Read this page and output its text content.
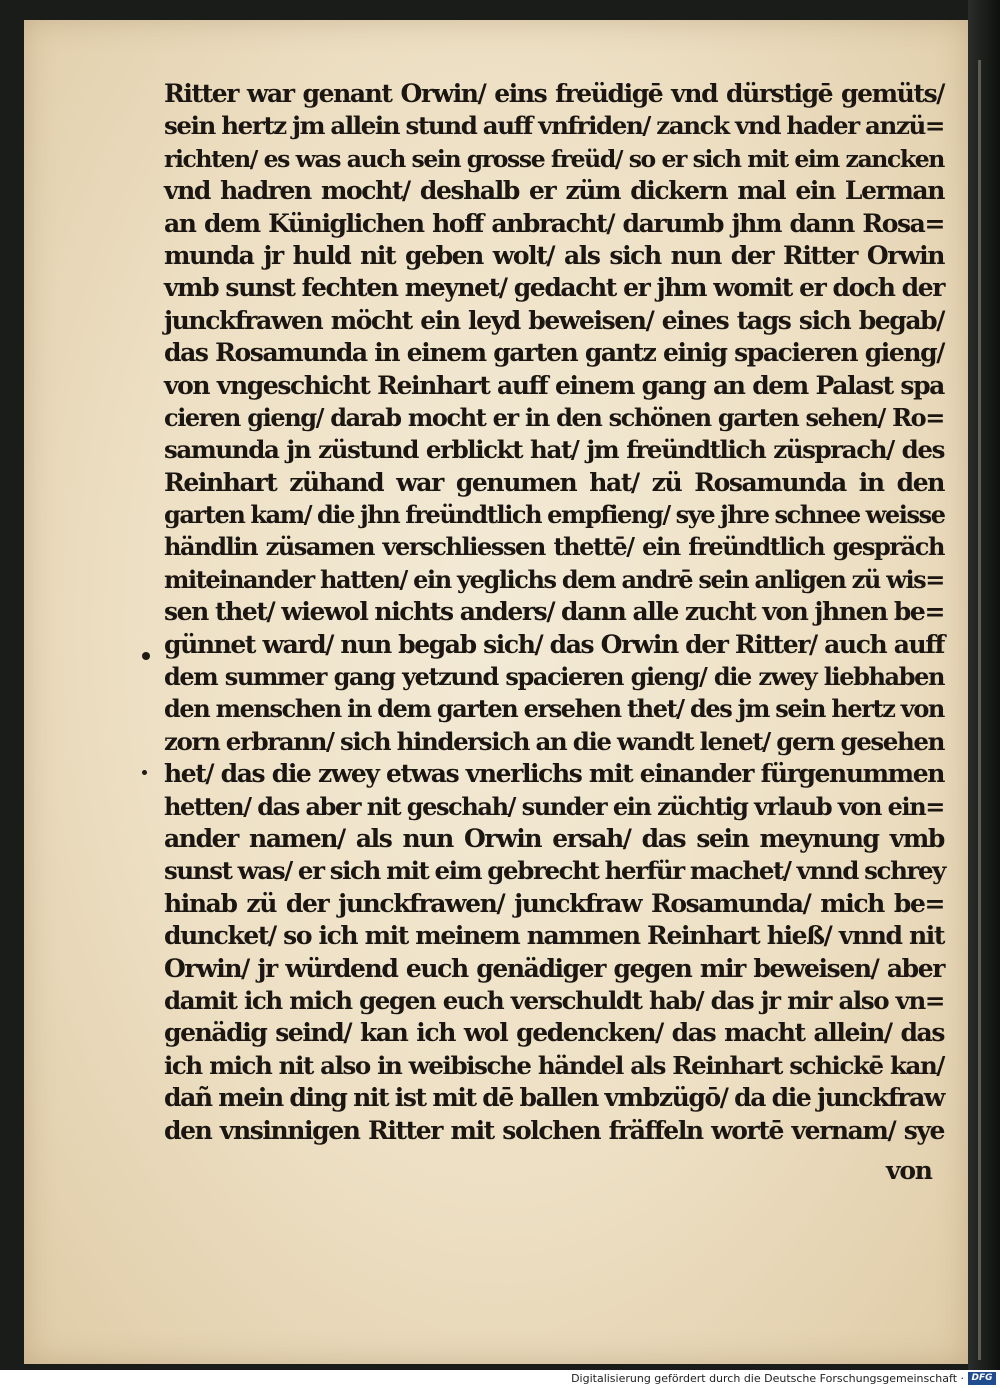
Ritter war genant Orwin/ eins freüdigē vnd dürstigē gemüts/
sein hertz jm allein stund auff vnfriden/ zanck vnd hader anzü=
richten/ es was auch sein grosse freüd/ so er sich mit eim zancken
vnd hadren mocht/ deshalb er züm dickern mal ein Lerman
an dem Küniglichen hoff anbracht/ darumb jhm dann Rosa=
munda jr huld nit geben wolt/ als sich nun der Ritter Orwin
vmb sunst fechten meynet/ gedacht er jhm womit er doch der
junckfrawen möcht ein leyd beweisen/ eines tags sich begab/
das Rosamunda in einem garten gantz einig spacieren gieng/
von vngeschicht Reinhart auff einem gang an dem Palast spa
cieren gieng/ darab mocht er in den schönen garten sehen/ Ro=
samunda jn züstund erblickt hat/ jm freündtlich züsprach/ des
Reinhart zühand war genumen hat/ zü Rosamunda in den
garten kam/ die jhn freündtlich empfieng/ sye jhre schnee weisse
händlin züsamen verschliessen thettē/ ein freündtlich gespräch
miteinander hatten/ ein yeglichs dem andrē sein anligen zü wis=
sen thet/ wiewol nichts anders/ dann alle zucht von jhnen be=
günnet ward/ nun begab sich/ das Orwin der Ritter/ auch auff
dem summer gang yetzund spacieren gieng/ die zwey liebhaben
den menschen in dem garten ersehen thet/ des jm sein hertz von
zorn erbrann/ sich hindersich an die wandt lenet/ gern gesehen
het/ das die zwey etwas vnerlichs mit einander fürgenummen
hetten/ das aber nit geschah/ sunder ein züchtig vrlaub von ein=
ander namen/ als nun Orwin ersah/ das sein meynung vmb
sunst was/ er sich mit eim gebrecht herfür machet/ vnnd schrey
hinab zü der junckfrawen/ junckfraw Rosamunda/ mich be=
duncket/ so ich mit meinem nammen Reinhart hieß/ vnnd nit
Orwin/ jr würdend euch genädiger gegen mir beweisen/ aber
damit ich mich gegen euch verschuldt hab/ das jr mir also vn=
genädig seind/ kan ich wol gedencken/ das macht allein/ das
ich mich nit also in weibische händel als Reinhart schickē kan/
dañ mein ding nit ist mit dē ballen vmbzügō/ da die junckfraw
den vnsinnigen Ritter mit solchen fräffeln wortē vernam/ sye
von
Digitalisierung gefördert durch die Deutsche Forschungsgemeinschaft · DFG
